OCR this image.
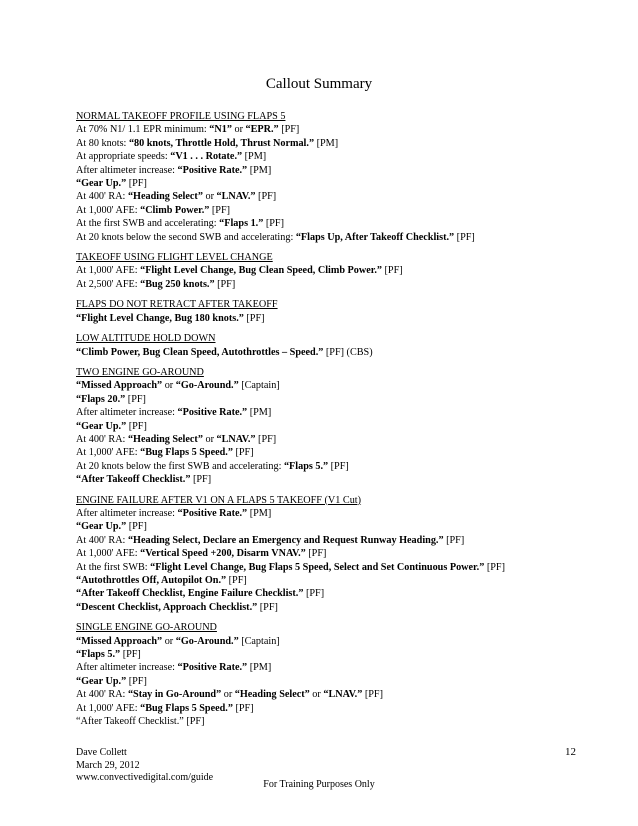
Callout Summary
NORMAL TAKEOFF PROFILE USING FLAPS 5
At 70% N1/ 1.1 EPR minimum: “N1” or “EPR.” [PF]
At 80 knots: “80 knots, Throttle Hold, Thrust Normal.” [PM]
At appropriate speeds: “V1 . . . Rotate.” [PM]
After altimeter increase: “Positive Rate.” [PM]
“Gear Up.” [PF]
At 400' RA: “Heading Select” or “LNAV.” [PF]
At 1,000' AFE: “Climb Power.” [PF]
At the first SWB and accelerating: “Flaps 1.” [PF]
At 20 knots below the second SWB and accelerating: “Flaps Up, After Takeoff Checklist.” [PF]
TAKEOFF USING FLIGHT LEVEL CHANGE
At 1,000' AFE: “Flight Level Change, Bug Clean Speed, Climb Power.” [PF]
At 2,500' AFE: “Bug 250 knots.” [PF]
FLAPS DO NOT RETRACT AFTER TAKEOFF
“Flight Level Change, Bug 180 knots.” [PF]
LOW ALTITUDE HOLD DOWN
“Climb Power, Bug Clean Speed, Autothrottles – Speed.” [PF] (CBS)
TWO ENGINE GO-AROUND
“Missed Approach” or “Go-Around.” [Captain]
“Flaps 20.” [PF]
After altimeter increase: “Positive Rate.” [PM]
“Gear Up.” [PF]
At 400' RA: “Heading Select” or “LNAV.” [PF]
At 1,000' AFE: “Bug Flaps 5 Speed.” [PF]
At 20 knots below the first SWB and accelerating: “Flaps 5.” [PF]
“After Takeoff Checklist.” [PF]
ENGINE FAILURE AFTER V1 ON A FLAPS 5 TAKEOFF (V1 Cut)
After altimeter increase: “Positive Rate.” [PM]
“Gear Up.” [PF]
At 400' RA: “Heading Select, Declare an Emergency and Request Runway Heading.” [PF]
At 1,000' AFE: “Vertical Speed +200, Disarm VNAV.” [PF]
At the first SWB: “Flight Level Change, Bug Flaps 5 Speed, Select and Set Continuous Power.” [PF]
“Autothrottles Off, Autopilot On.” [PF]
“After Takeoff Checklist, Engine Failure Checklist.” [PF]
“Descent Checklist, Approach Checklist.” [PF]
SINGLE ENGINE GO-AROUND
“Missed Approach” or “Go-Around.” [Captain]
“Flaps 5.” [PF]
After altimeter increase: “Positive Rate.” [PM]
“Gear Up.” [PF]
At 400' RA: “Stay in Go-Around” or “Heading Select” or “LNAV.” [PF]
At 1,000' AFE: “Bug Flaps 5 Speed.” [PF]
“After Takeoff Checklist.” [PF]
Dave Collett
March 29, 2012
www.convectivedigital.com/guide
12
For Training Purposes Only
